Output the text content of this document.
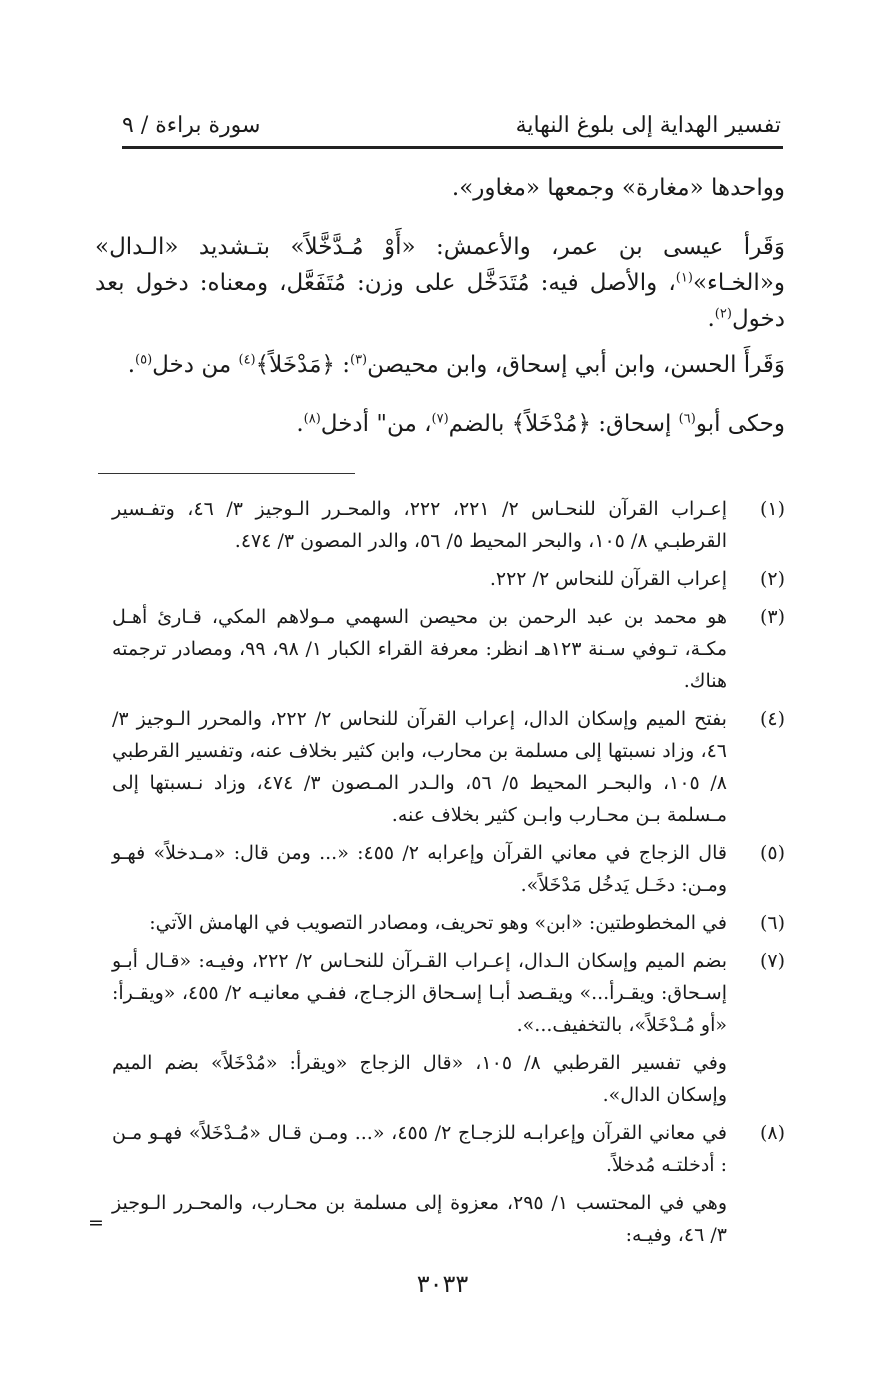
تفسير الهداية إلى بلوغ النهاية
سورة براءة / ٩

وواحدها «مغارة» وجمعها «مغاور».

وَقَرأ عيسى بن عمر، والأعمش: «أَوْ مُـدَّخَّلاً» بتـشديد «الـدال» و«الخـاء»$^{(١)}$، والأصل فيه: مُتَدَخَّل على وزن: مُتَفَعَّل، ومعناه: دخول بعد دخول$^{(٢)}$.

وَقَرأَ الحسن، وابن أبي إسحاق، وابن محيصن$^{(٣)}$: ﴿مَدْخَلاً﴾$^{(٤)}$ من دخل$^{(٥)}$.

وحكى أبو$^{(٦)}$ إسحاق: ﴿مُدْخَلاً﴾ بالضم$^{(٧)}$، من" أدخل$^{(٨)}$.

(١)
إعـراب القرآن للنحـاس ٢/ ٢٢١، ٢٢٢، والمحـرر الـوجيز ٣/ ٤٦، وتفـسير القرطبـي ٨/ ١٠٥، والبحر المحيط ٥/ ٥٦، والدر المصون ٣/ ٤٧٤.
(٢)
إعراب القرآن للنحاس ٢/ ٢٢٢.
(٣)
هو محمد بن عبد الرحمن بن محيصن السهمي مـولاهم المكي، قـارئ أهـل مكـة، تـوفي سـنة ١٢٣هـ انظر: معرفة القراء الكبار ١/ ٩٨، ٩٩، ومصادر ترجمته هناك.
(٤)
بفتح الميم وإسكان الدال، إعراب القرآن للنحاس ٢/ ٢٢٢، والمحرر الـوجيز ٣/ ٤٦، وزاد نسبتها إلى مسلمة بن محارب، وابن كثير بخلاف عنه، وتفسير القرطبي ٨/ ١٠٥، والبحـر المحيط ٥/ ٥٦، والـدر المـصون ٣/ ٤٧٤، وزاد نـسبتها إلى مـسلمة بـن محـارب وابـن كثير بخلاف عنه.
(٥)
قال الزجاج في معاني القرآن وإعرابه ٢/ ٤٥٥: «... ومن قال: «مـدخلاً» فهـو ومـن: دخَـل يَدخُل مَدْخَلاً».
(٦)
في المخطوطتين: «ابن» وهو تحريف، ومصادر التصويب في الهامش الآتي:
(٧)
بضم الميم وإسكان الـدال، إعـراب القـرآن للنحـاس ٢/ ٢٢٢، وفيـه: «قـال أبـو إسـحاق: ويقـرأ...» ويقـصد أبـا إسـحاق الزجـاج، ففـي معانيـه ٢/ ٤٥٥، «ويقـرأ: «أو مُـدْخَلاً»، بالتخفيف...».
وفي تفسير القرطبي ٨/ ١٠٥، «قال الزجاج «ويقرأ: «مُدْخَلاً» بضم الميم وإسكان الدال».
(٨)
في معاني القرآن وإعرابـه للزجـاج ٢/ ٤٥٥، «... ومـن قـال «مُـدْخَلاً» فهـو مـن : أدخلتـه مُدخلاً.
وهي في المحتسب ١/ ٢٩٥، معزوة إلى مسلمة بن محـارب، والمحـرر الـوجيز ٣/ ٤٦، وفيـه:
=
٣٠٣٣
